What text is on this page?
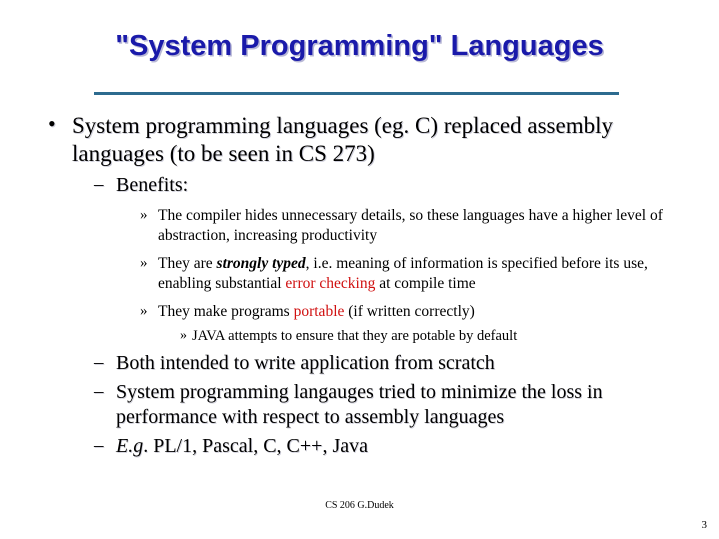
"System Programming" Languages
• System programming languages (eg. C) replaced assembly languages (to be seen in CS 273)
– Benefits:
» The compiler hides unnecessary details, so these languages have a higher level of abstraction, increasing productivity
» They are strongly typed, i.e. meaning of information is specified before its use, enabling substantial error checking at compile time
» They make programs portable (if written correctly)
» JAVA attempts to ensure that they are potable by default
– Both intended to write application from scratch
– System programming langauges tried to minimize the loss in performance with respect to assembly languages
– E.g. PL/1, Pascal, C, C++, Java
CS 206 G.Dudek
3
